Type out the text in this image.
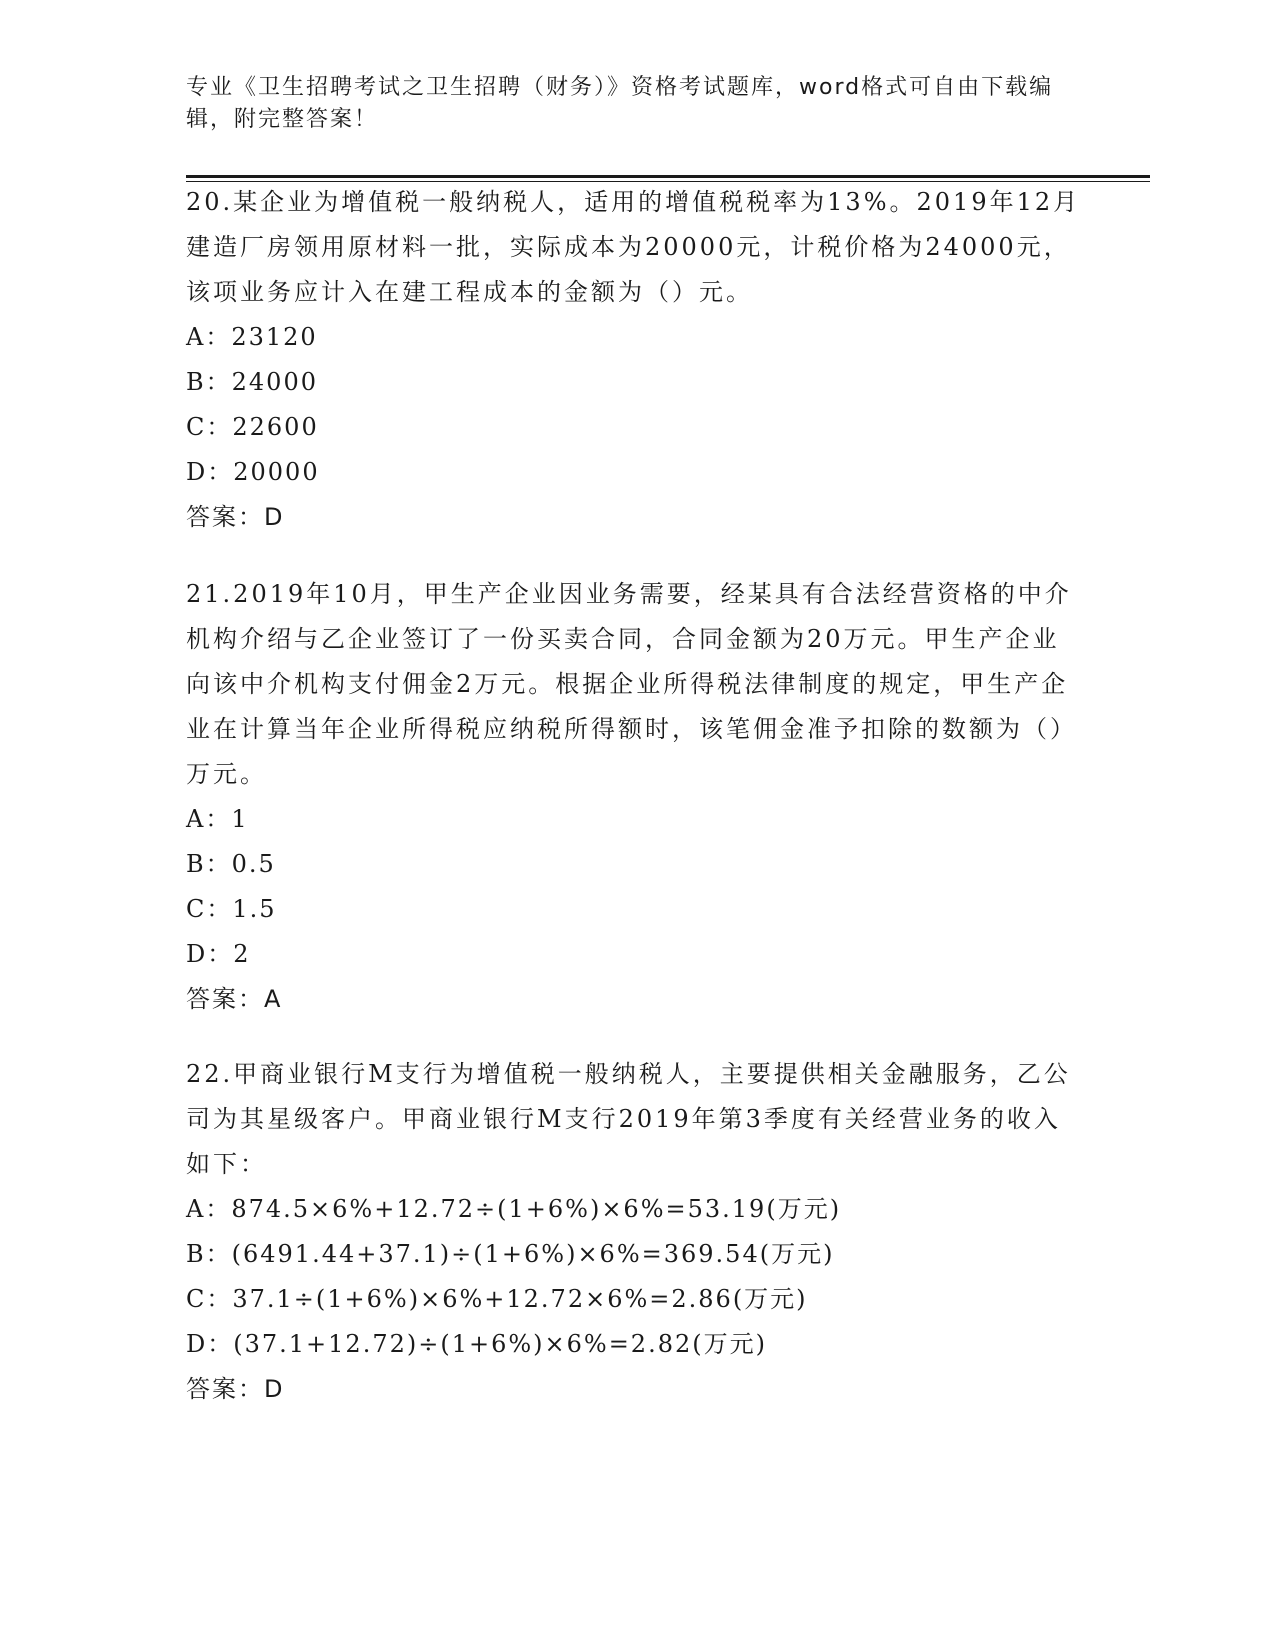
专业《卫生招聘考试之卫生招聘（财务）》资格考试题库，word格式可自由下载编辑，附完整答案！

20.某企业为增值税一般纳税人，适用的增值税税率为13%。2019年12月建造厂房领用原材料一批，实际成本为20000元，计税价格为24000元，该项业务应计入在建工程成本的金额为（）元。

A：23120

B：24000

C：22600

D：20000

答案：D

21.2019年10月，甲生产企业因业务需要，经某具有合法经营资格的中介机构介绍与乙企业签订了一份买卖合同，合同金额为20万元。甲生产企业向该中介机构支付佣金2万元。根据企业所得税法律制度的规定，甲生产企业在计算当年企业所得税应纳税所得额时，该笔佣金准予扣除的数额为（）万元。

A：1

B：0.5

C：1.5

D：2

答案：A

22.甲商业银行M支行为增值税一般纳税人，主要提供相关金融服务，乙公司为其星级客户。甲商业银行M支行2019年第3季度有关经营业务的收入如下：

A：874.5×6%+12.72÷(1+6%)×6%=53.19(万元)

B：(6491.44+37.1)÷(1+6%)×6%=369.54(万元)

C：37.1÷(1+6%)×6%+12.72×6%=2.86(万元)

D：(37.1+12.72)÷(1+6%)×6%=2.82(万元)

答案：D
